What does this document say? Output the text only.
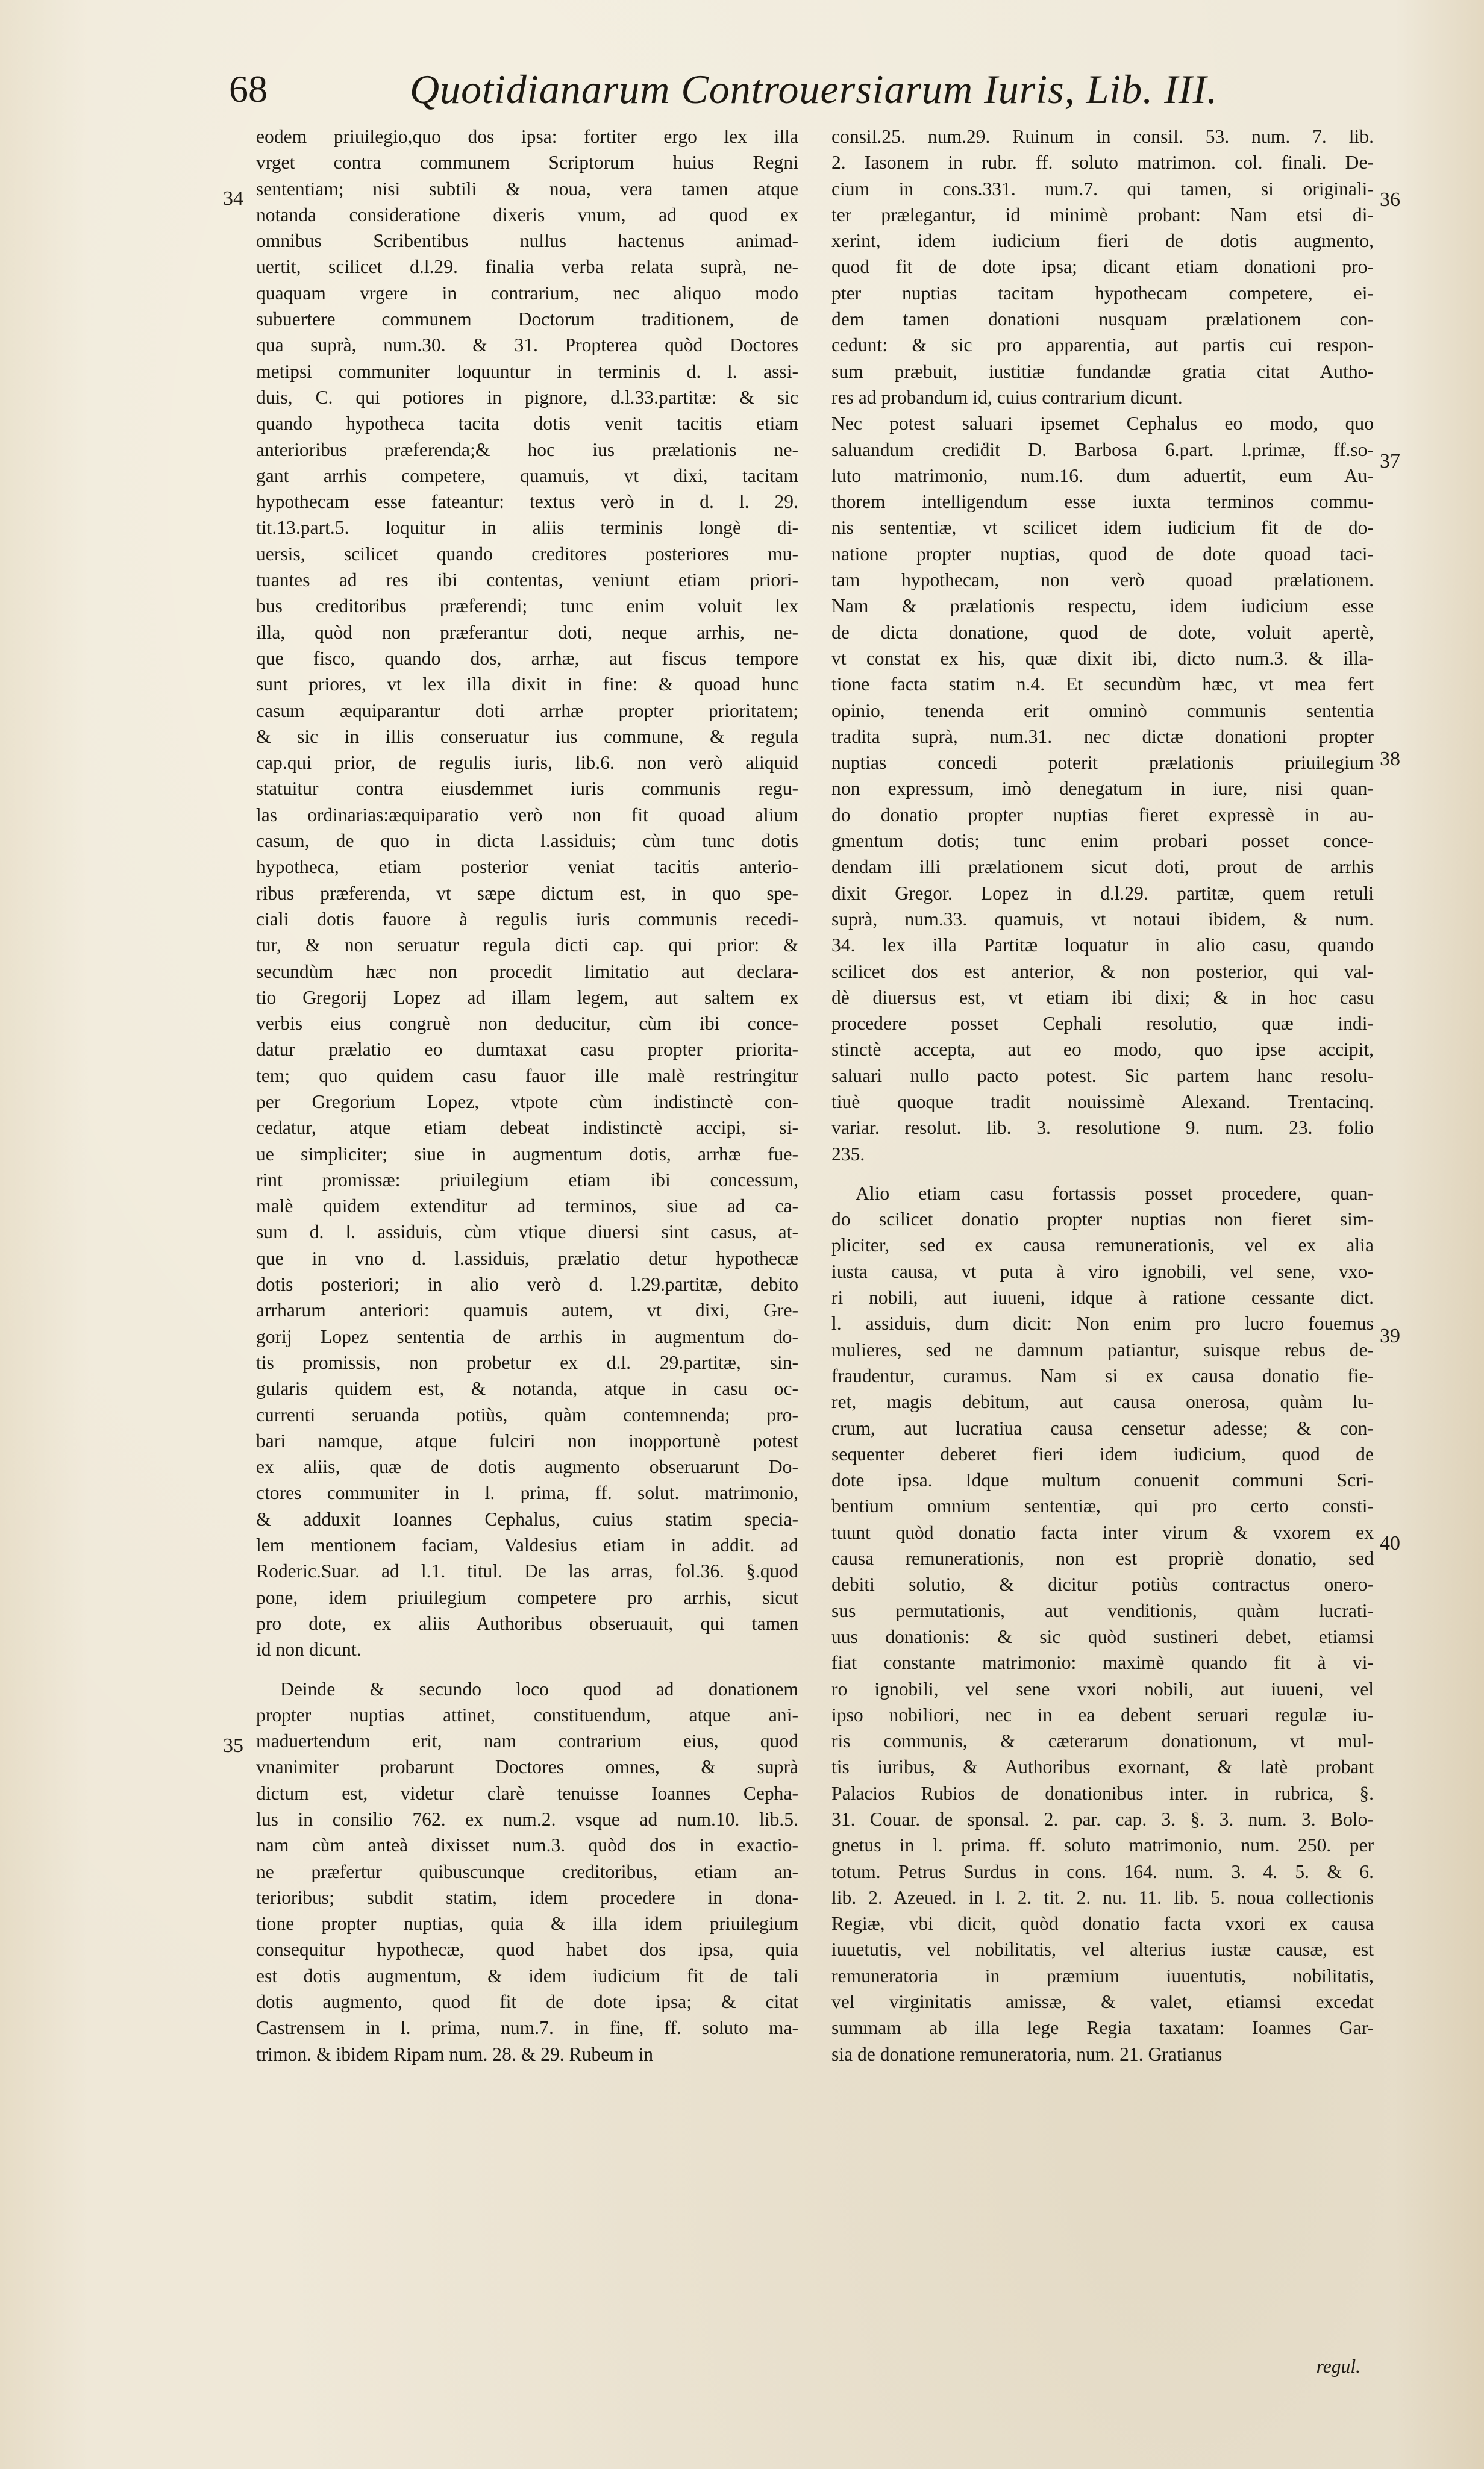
68	Quotidianarum Controuersiarum Iuris, Lib. III.
eodem priuilegio,quo dos ipsa: fortiter ergo lex illa
vrget contra communem Scriptorum huius Regni
sententiam; nisi subtili & noua, vera tamen atque
notanda consideratione dixeris vnum, ad quod ex
omnibus Scribentibus nullus hactenus animad-
uertit, scilicet d.l.29. finalia verba relata suprà, ne-
quaquam vrgere in contrarium, nec aliquo modo
subuertere communem Doctorum traditionem, de
qua suprà, num.30. & 31. Propterea quòd Doctores
metipsi communiter loquuntur in terminis d. l. assi-
duis, C. qui potiores in pignore, d.l.33.partitæ: & sic
quando hypotheca tacita dotis venit tacitis etiam
anterioribus præferenda;& hoc ius prælationis ne-
gant arrhis competere, quamuis, vt dixi, tacitam
hypothecam esse fateantur: textus verò in d. l. 29.
tit.13.part.5. loquitur in aliis terminis longè di-
uersis, scilicet quando creditores posteriores mu-
tuantes ad res ibi contentas, veniunt etiam priori-
bus creditoribus præferendi; tunc enim voluit lex
illa, quòd non præferantur doti, neque arrhis, ne-
que fisco, quando dos, arrhæ, aut fiscus tempore
sunt priores, vt lex illa dixit in fine: & quoad hunc
casum æquiparantur doti arrhæ propter prioritatem;
& sic in illis conseruatur ius commune, & regula
cap.qui prior, de regulis iuris, lib.6. non verò aliquid
statuitur contra eiusdemmet iuris communis regu-
las ordinarias:æquiparatio verò non fit quoad alium
casum, de quo in dicta l.assiduis; cùm tunc dotis
hypotheca, etiam posterior veniat tacitis anterio-
ribus præferenda, vt sæpe dictum est, in quo spe-
ciali dotis fauore à regulis iuris communis recedi-
tur, & non seruatur regula dicti cap. qui prior: &
secundùm hæc non procedit limitatio aut declara-
tio Gregorij Lopez ad illam legem, aut saltem ex
verbis eius congruè non deducitur, cùm ibi conce-
datur prælatio eo dumtaxat casu propter priorita-
tem; quo quidem casu fauor ille malè restringitur
per Gregorium Lopez, vtpote cùm indistinctè con-
cedatur, atque etiam debeat indistinctè accipi, si-
ue simpliciter; siue in augmentum dotis, arrhæ fue-
rint promissæ: priuilegium etiam ibi concessum,
malè quidem extenditur ad terminos, siue ad ca-
sum d. l. assiduis, cùm vtique diuersi sint casus, at-
que in vno d. l.assiduis, prælatio detur hypothecæ
dotis posteriori; in alio verò d. l.29.partitæ, debito
arrharum anteriori: quamuis autem, vt dixi, Gre-
gorij Lopez sententia de arrhis in augmentum do-
tis promissis, non probetur ex d.l. 29.partitæ, sin-
gularis quidem est, & notanda, atque in casu oc-
currenti seruanda potiùs, quàm contemnenda; pro-
bari namque, atque fulciri non inopportunè potest
ex aliis, quæ de dotis augmento obseruarunt Do-
ctores communiter in l. prima, ff. solut. matrimonio,
& adduxit Ioannes Cephalus, cuius statim specia-
lem mentionem faciam, Valdesius etiam in addit. ad
Roderic.Suar. ad l.1. titul. De las arras, fol.36. §.quod
pone, idem priuilegium competere pro arrhis, sicut
pro dote, ex aliis Authoribus obseruauit, qui tamen
id non dicunt.
Deinde & secundo loco quod ad donationem
propter nuptias attinet, constituendum, atque ani-
maduertendum erit, nam contrarium eius, quod
vnanimiter probarunt Doctores omnes, & suprà
dictum est, videtur clarè tenuisse Ioannes Cepha-
lus in consilio 762. ex num.2. vsque ad num.10. lib.5.
nam cùm anteà dixisset num.3. quòd dos in exactio-
ne præfertur quibuscunque creditoribus, etiam an-
terioribus; subdit statim, idem procedere in dona-
tione propter nuptias, quia & illa idem priuilegium
consequitur hypothecæ, quod habet dos ipsa, quia
est dotis augmentum, & idem iudicium fit de tali
dotis augmento, quod fit de dote ipsa; & citat
Castrensem in l. prima, num.7. in fine, ff. soluto ma-
trimon. & ibidem Ripam num. 28. & 29. Rubeum in
consil.25. num.29. Ruinum in consil. 53. num. 7. lib.
2. Iasonem in rubr. ff. soluto matrimon. col. finali. De-
cium in cons.331. num.7. qui tamen, si originali-
ter prælegantur, id minimè probant: Nam etsi di-
xerint, idem iudicium fieri de dotis augmento,
quod fit de dote ipsa; dicant etiam donationi pro-
pter nuptias tacitam hypothecam competere, ei-
dem tamen donationi nusquam prælationem con-
cedunt: & sic pro apparentia, aut partis cui respon-
sum præbuit, iustitiæ fundandæ gratia citat Autho-
res ad probandum id, cuius contrarium dicunt.
Nec potest saluari ipsemet Cephalus eo modo, quo
saluandum crediḋit D. Barbosa 6.part. l.primæ, ff.so-
luto matrimonio, num.16. dum aduertit, eum Au-
thorem intelligendum esse iuxta terminos commu-
nis sententiæ, vt scilicet idem iudicium fit de do-
natione propter nuptias, quod de dote quoad taci-
tam hypothecam, non verò quoad prælationem.
Nam & prælationis respectu, idem iudicium esse
de dicta donatione, quod de dote, voluit apertè,
vt constat ex his, quæ dixit ibi, dicto num.3. & illa-
tione facta statim n.4. Et secundùm hæc, vt mea fert
opinio, tenenda erit omninò communis sententia
tradita suprà, num.31. nec dictæ donationi propter
nuptias concedi poterit prælationis priuilegium
non expressum, imò denegatum in iure, nisi quan-
do donatio propter nuptias fieret expressè in au-
gmentum dotis; tunc enim probari posset conce-
dendam illi prælationem sicut doti, prout de arrhis
dixit Gregor. Lopez in d.l.29. partitæ, quem retuli
suprà, num.33. quamuis, vt notaui ibidem, & num.
34. lex illa Partitæ loquatur in alio casu, quando
scilicet dos est anterior, & non posterior, qui val-
dè diuersus est, vt etiam ibi dixi; & in hoc casu
procedere posset Cephali resolutio, quæ indi-
stinctè accepta, aut eo modo, quo ipse accipit,
saluari nullo pacto potest. Sic partem hanc resolu-
tiuè quoque tradit nouissimè Alexand. Trentacinq.
variar. resolut. lib. 3. resolutione 9. num. 23. folio
235.
Alio etiam casu fortassis posset procedere, quan-
do scilicet donatio propter nuptias non fieret sim-
pliciter, sed ex causa remunerationis, vel ex alia
iusta causa, vt puta à viro ignobili, vel sene, vxo-
ri nobili, aut iuueni, idque à ratione cessante dict.
l. assiduis, dum dicit: Non enim pro lucro fouemus
mulieres, sed ne damnum patiantur, suisque rebus de-
fraudentur, curamus. Nam si ex causa donatio fie-
ret, magis debitum, aut causa onerosa, quàm lu-
crum, aut lucratiua causa censetur adesse; & con-
sequenter deberet fieri idem iudicium, quod de
dote ipsa. Idque multum conuenit communi Scri-
bentium omnium sententiæ, qui pro certo consti-
tuunt quòd donatio facta inter virum & vxorem ex
causa remunerationis, non est propriè donatio, sed
debiti solutio, & dicitur potiùs contractus onero-
sus permutationis, aut venditionis, quàm lucrati-
uus donationis: & sic quòd sustineri debet, etiamsi
fiat constante matrimonio: maximè quando fit à vi-
ro ignobili, vel sene vxori nobili, aut iuueni, vel
ipso nobiliori, nec in ea debent seruari regulæ iu-
ris communis, & cæterarum donationum, vt mul-
tis iuribus, & Authoribus exornant, & latè probant
Palacios Rubios de donationibus inter. in rubrica, §.
31. Couar. de sponsal. 2. par. cap. 3. §. 3. num. 3. Bolo-
gnetus in l. prima. ff. soluto matrimonio, num. 250. per
totum. Petrus Surdus in cons. 164. num. 3. 4. 5. & 6.
lib. 2. Azeued. in l. 2. tit. 2. nu. 11. lib. 5. noua collectionis
Regiæ, vbi dicit, quòd donatio facta vxori ex causa
iuuetutis, vel nobilitatis, vel alterius iustæ causæ, est
remuneratoria in præmium iuuentutis, nobilitatis,
vel virginitatis amissæ, & valet, etiamsi excedat
summam ab illa lege Regia taxatam: Ioannes Gar-
sia de donatione remuneratoria, num. 21. Gratianus
34
35
36
37
38
39
40
regul.
